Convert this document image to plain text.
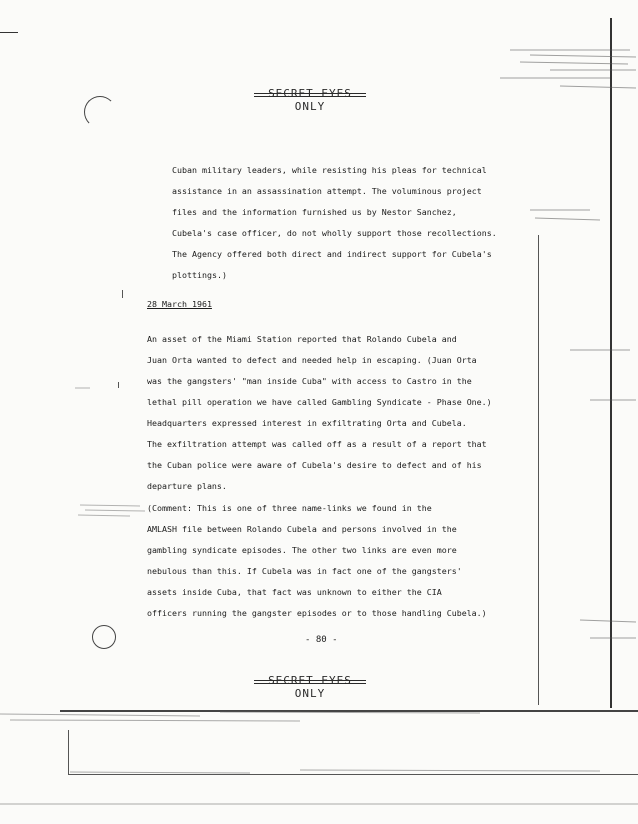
ONLY
Cuban military leaders, while resisting his pleas for technical
assistance in an assassination attempt. The voluminous project
files and the information furnished us by Nestor Sanchez,
Cubela's case officer, do not wholly support those recollections.
The Agency offered both direct and indirect support for Cubela's
plottings.)
28 March 1961
An asset of the Miami Station reported that Rolando Cubela and
Juan Orta wanted to defect and needed help in escaping. (Juan Orta
was the gangsters' "man inside Cuba" with access to Castro in the
lethal pill operation we have called Gambling Syndicate - Phase One.)
Headquarters expressed interest in exfiltrating Orta and Cubela.
The exfiltration attempt was called off as a result of a report that
the Cuban police were aware of Cubela's desire to defect and of his
departure plans.
(Comment: This is one of three name-links we found in the
AMLASH file between Rolando Cubela and persons involved in the
gambling syndicate episodes. The other two links are even more
nebulous than this. If Cubela was in fact one of the gangsters'
assets inside Cuba, that fact was unknown to either the CIA
officers running the gangster episodes or to those handling Cubela.)
- 80 -
ONLY
